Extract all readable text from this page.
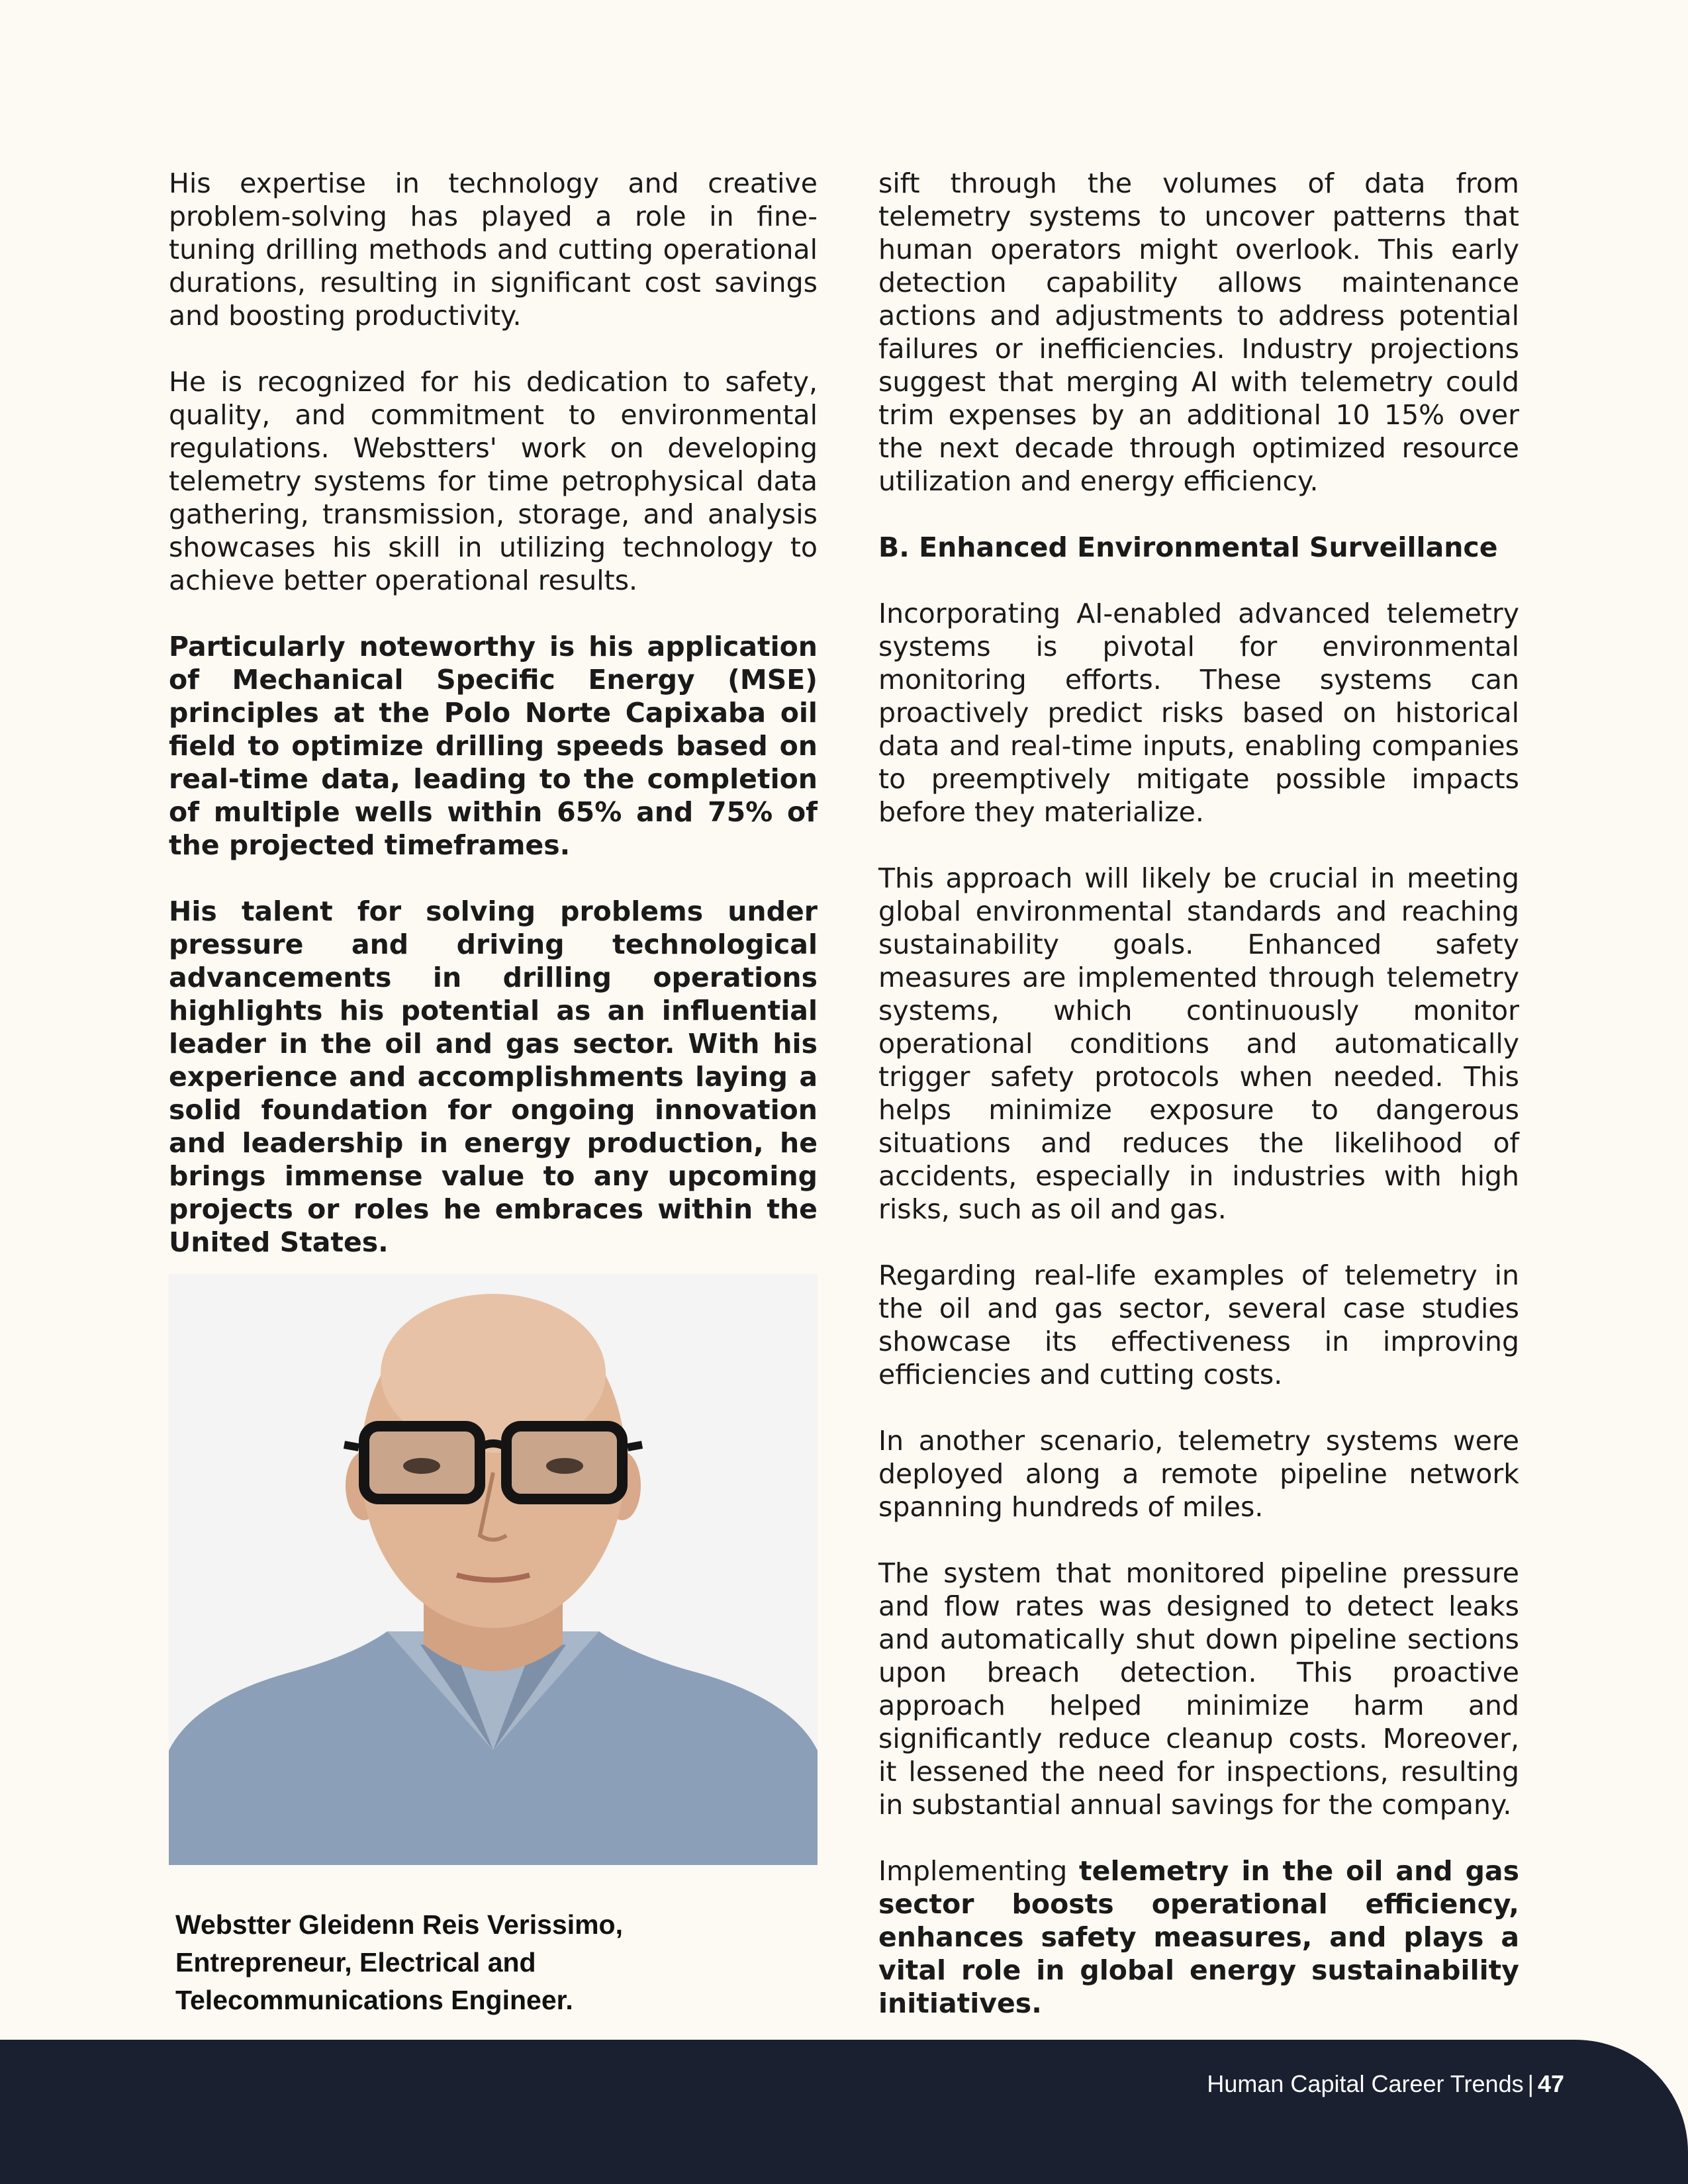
His expertise in technology and creative problem-solving has played a role in fine-tuning drilling methods and cutting operational durations, resulting in significant cost savings and boosting productivity.

He is recognized for his dedication to safety, quality, and commitment to environmental regulations. Webstters' work on developing telemetry systems for time petrophysical data gathering, transmission, storage, and analysis showcases his skill in utilizing technology to achieve better operational results.

Particularly noteworthy is his application of Mechanical Specific Energy (MSE) principles at the Polo Norte Capixaba oil field to optimize drilling speeds based on real-time data, leading to the completion of multiple wells within 65% and 75% of the projected timeframes.

His talent for solving problems under pressure and driving technological advancements in drilling operations highlights his potential as an influential leader in the oil and gas sector. With his experience and accomplishments laying a solid foundation for ongoing innovation and leadership in energy production, he brings immense value to any upcoming projects or roles he embraces within the United States.

Webstter Gleidenn Reis Verissimo,
Entrepreneur, Electrical and
Telecommunications Engineer.

sift through the volumes of data from telemetry systems to uncover patterns that human operators might overlook. This early detection capability allows maintenance actions and adjustments to address potential failures or inefficiencies. Industry projections suggest that merging AI with telemetry could trim expenses by an additional 10 15% over the next decade through optimized resource utilization and energy efficiency.

B. Enhanced Environmental Surveillance

Incorporating AI-enabled advanced telemetry systems is pivotal for environmental monitoring efforts. These systems can proactively predict risks based on historical data and real-time inputs, enabling companies to preemptively mitigate possible impacts before they materialize.

This approach will likely be crucial in meeting global environmental standards and reaching sustainability goals. Enhanced safety measures are implemented through telemetry systems, which continuously monitor operational conditions and automatically trigger safety protocols when needed. This helps minimize exposure to dangerous situations and reduces the likelihood of accidents, especially in industries with high risks, such as oil and gas.

Regarding real-life examples of telemetry in the oil and gas sector, several case studies showcase its effectiveness in improving efficiencies and cutting costs.

In another scenario, telemetry systems were deployed along a remote pipeline network spanning hundreds of miles.

The system that monitored pipeline pressure and flow rates was designed to detect leaks and automatically shut down pipeline sections upon breach detection. This proactive approach helped minimize harm and significantly reduce cleanup costs. Moreover, it lessened the need for inspections, resulting in substantial annual savings for the company.

Implementing telemetry in the oil and gas sector boosts operational efficiency, enhances safety measures, and plays a vital role in global energy sustainability initiatives.

Human Capital Career Trends | 47
